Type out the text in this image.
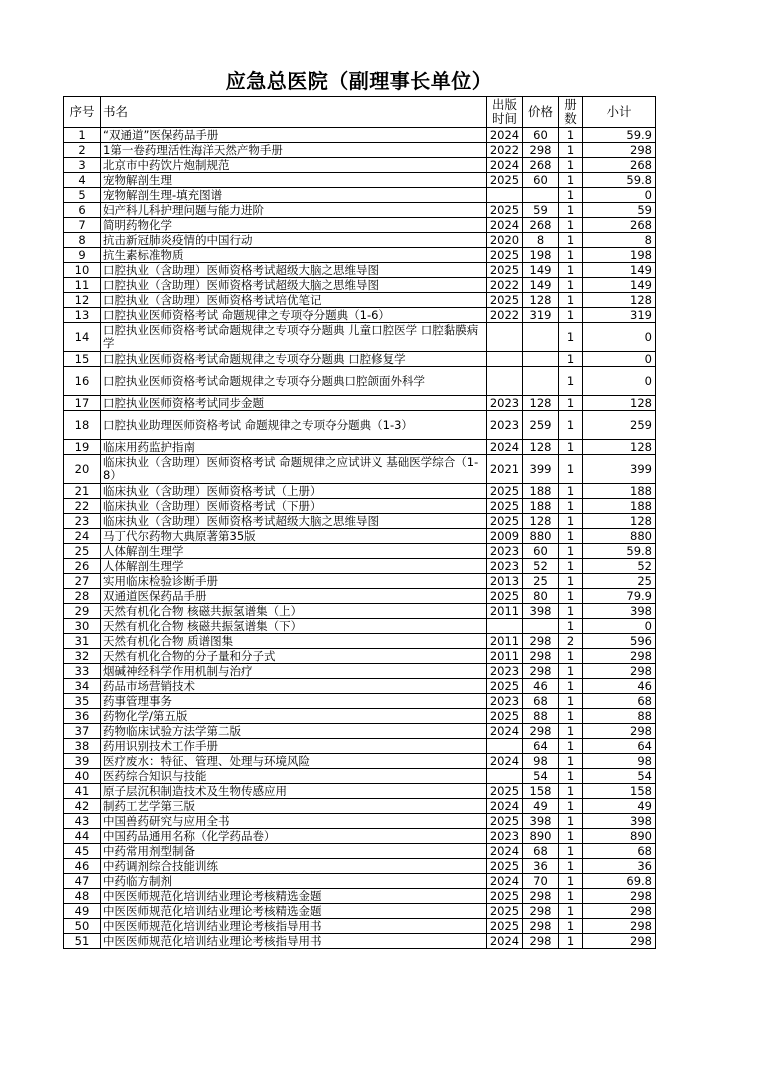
应急总医院（副理事长单位）
序号	书名	出版时间	价格	册数	小计
1	“双通道”医保药品手册	2024	60	1	59.9
2	1第一卷药理活性海洋天然产物手册	2022	298	1	298
3	北京市中药饮片炮制规范	2024	268	1	268
4	宠物解剖生理	2025	60	1	59.8
5	宠物解剖生理-填充图谱			1	0
6	妇产科儿科护理问题与能力进阶	2025	59	1	59
7	简明药物化学	2024	268	1	268
8	抗击新冠肺炎疫情的中国行动	2020	8	1	8
9	抗生素标准物质	2025	198	1	198
10	口腔执业（含助理）医师资格考试超级大脑之思维导图	2025	149	1	149
11	口腔执业（含助理）医师资格考试超级大脑之思维导图	2022	149	1	149
12	口腔执业（含助理）医师资格考试培优笔记	2025	128	1	128
13	口腔执业医师资格考试 命题规律之专项夺分题典（1-6）	2022	319	1	319
14	口腔执业医师资格考试命题规律之专项夺分题典 儿童口腔医学 口腔黏膜病学			1	0
15	口腔执业医师资格考试命题规律之专项夺分题典 口腔修复学			1	0
16	口腔执业医师资格考试命题规律之专项夺分题典口腔颌面外科学			1	0
17	口腔执业医师资格考试同步金题	2023	128	1	128
18	口腔执业助理医师资格考试 命题规律之专项夺分题典（1-3）	2023	259	1	259
19	临床用药监护指南	2024	128	1	128
20	临床执业（含助理）医师资格考试 命题规律之应试讲义 基础医学综合（1-8）	2021	399	1	399
21	临床执业（含助理）医师资格考试（上册）	2025	188	1	188
22	临床执业（含助理）医师资格考试（下册）	2025	188	1	188
23	临床执业（含助理）医师资格考试超级大脑之思维导图	2025	128	1	128
24	马丁代尔药物大典原著第35版	2009	880	1	880
25	人体解剖生理学	2023	60	1	59.8
26	人体解剖生理学	2023	52	1	52
27	实用临床检验诊断手册	2013	25	1	25
28	双通道医保药品手册	2025	80	1	79.9
29	天然有机化合物 核磁共振氢谱集（上）	2011	398	1	398
30	天然有机化合物 核磁共振氢谱集（下）			1	0
31	天然有机化合物 质谱图集	2011	298	2	596
32	天然有机化合物的分子量和分子式	2011	298	1	298
33	烟碱神经科学作用机制与治疗	2023	298	1	298
34	药品市场营销技术	2025	46	1	46
35	药事管理事务	2023	68	1	68
36	药物化学/第五版	2025	88	1	88
37	药物临床试验方法学第二版	2024	298	1	298
38	药用识别技术工作手册		64	1	64
39	医疗废水：特征、管理、处理与环境风险	2024	98	1	98
40	医药综合知识与技能		54	1	54
41	原子层沉积制造技术及生物传感应用	2025	158	1	158
42	制药工艺学第三版	2024	49	1	49
43	中国兽药研究与应用全书	2025	398	1	398
44	中国药品通用名称（化学药品卷）	2023	890	1	890
45	中药常用剂型制备	2024	68	1	68
46	中药调剂综合技能训练	2025	36	1	36
47	中药临方制剂	2024	70	1	69.8
48	中医医师规范化培训结业理论考核精选金题	2025	298	1	298
49	中医医师规范化培训结业理论考核精选金题	2025	298	1	298
50	中医医师规范化培训结业理论考核指导用书	2025	298	1	298
51	中医医师规范化培训结业理论考核指导用书	2024	298	1	298
